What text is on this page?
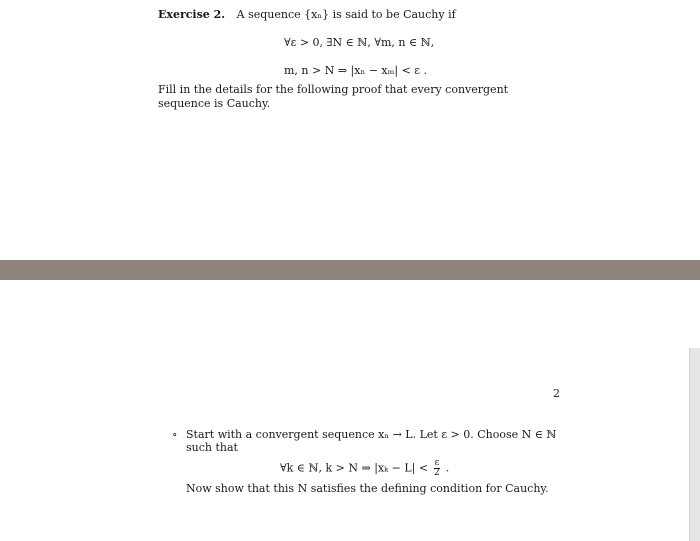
Exercise 2. A sequence {xₙ} is said to be Cauchy if
∀ε > 0, ∃N ∈ ℕ, ∀m, n ∈ ℕ,
m, n > N ⇒ |xₙ − xₘ| < ε .
Fill in the details for the following proof that every convergent sequence is Cauchy.
2
∘ Start with a convergent sequence xₙ → L. Let ε > 0. Choose N ∈ ℕ such that
∀k ∈ ℕ, k > N ⇒ $|x_k - L| < \frac{\varepsilon}{2}$ .
Now show that this N satisfies the defining condition for Cauchy.
